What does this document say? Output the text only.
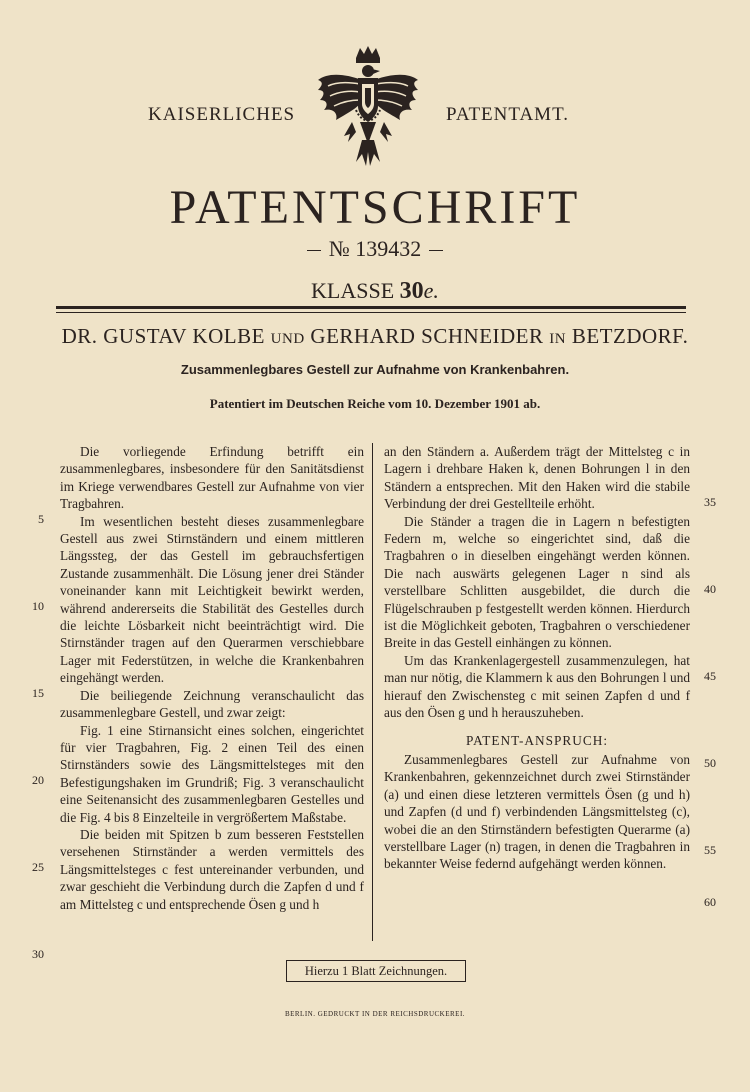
KAISERLICHES	PATENTAMT.
PATENTSCHRIFT
№ 139432
KLASSE 30e.
DR. GUSTAV KOLBE UND GERHARD SCHNEIDER IN BETZDORF.
Zusammenlegbares Gestell zur Aufnahme von Krankenbahren.
Patentiert im Deutschen Reiche vom 10. Dezember 1901 ab.

Die vorliegende Erfindung betrifft ein zusammenlegbares, insbesondere für den Sanitätsdienst im Kriege verwendbares Gestell zur Aufnahme von vier Tragbahren.

Im wesentlichen besteht dieses zusammenlegbare Gestell aus zwei Stirnständern und einem mittleren Längssteg, der das Gestell im gebrauchsfertigen Zustande zusammenhält. Die Lösung jener drei Ständer voneinander kann mit Leichtigkeit bewirkt werden, während andererseits die Stabilität des Gestelles durch die leichte Lösbarkeit nicht beeinträchtigt wird. Die Stirnständer tragen auf den Querarmen verschiebbare Lager mit Federstützen, in welche die Krankenbahren eingehängt werden.

Die beiliegende Zeichnung veranschaulicht das zusammenlegbare Gestell, und zwar zeigt:

Fig. 1 eine Stirnansicht eines solchen, eingerichtet für vier Tragbahren, Fig. 2 einen Teil des einen Stirnständers sowie des Längsmittelsteges mit den Befestigungshaken im Grundriß; Fig. 3 veranschaulicht eine Seitenansicht des zusammenlegbaren Gestelles und die Fig. 4 bis 8 Einzelteile in vergrößertem Maßstabe.

Die beiden mit Spitzen b zum besseren Feststellen versehenen Stirnständer a werden vermittels des Längsmittelsteges c fest untereinander verbunden, und zwar geschieht die Verbindung durch die Zapfen d und f am Mittelsteg c und entsprechende Ösen g und h

an den Ständern a. Außerdem trägt der Mittelsteg c in Lagern i drehbare Haken k, denen Bohrungen l in den Ständern a entsprechen. Mit den Haken wird die stabile Verbindung der drei Gestellteile erhöht.

Die Ständer a tragen die in Lagern n befestigten Federn m, welche so eingerichtet sind, daß die Tragbahren o in dieselben eingehängt werden können. Die nach auswärts gelegenen Lager n sind als verstellbare Schlitten ausgebildet, die durch die Flügelschrauben p festgestellt werden können. Hierdurch ist die Möglichkeit geboten, Tragbahren o verschiedener Breite in das Gestell einhängen zu können.

Um das Krankenlagergestell zusammenzulegen, hat man nur nötig, die Klammern k aus den Bohrungen l und hierauf den Zwischensteg c mit seinen Zapfen d und f aus den Ösen g und h herauszuheben.

PATENT-ANSPRUCH:

Zusammenlegbares Gestell zur Aufnahme von Krankenbahren, gekennzeichnet durch zwei Stirnständer (a) und einen diese letzteren vermittels Ösen (g und h) und Zapfen (d und f) verbindenden Längsmittelsteg (c), wobei die an den Stirnständern befestigten Querarme (a) verstellbare Lager (n) tragen, in denen die Tragbahren in bekannter Weise federnd aufgehängt werden können.

5
10
15
20
25
30
35
40
45
50
55
60
Hierzu 1 Blatt Zeichnungen.
BERLIN. GEDRUCKT IN DER REICHSDRUCKEREI.
